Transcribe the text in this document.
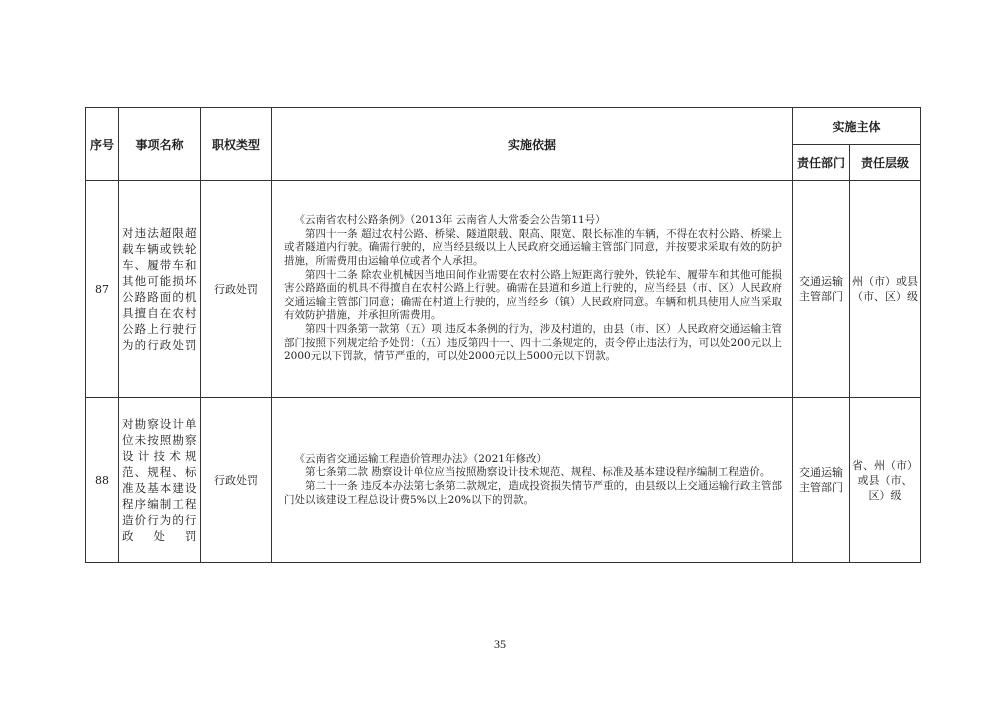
序号	事项名称	职权类型	实施依据	实施主体	
				责任部门	责任层级
87	对违法超限超载车辆或铁轮车、履带车和其他可能损坏公路路面的机具擅自在农村公路上行驶行为的行政处罚	行政处罚	《云南省农村公路条例》（2013年 云南省人大常委会公告第11号）

第四十一条 超过农村公路、桥梁、隧道限载、限高、限宽、限长标准的车辆，不得在农村公路、桥梁上或者隧道内行驶。确需行驶的，应当经县级以上人民政府交通运输主管部门同意，并按要求采取有效的防护措施，所需费用由运输单位或者个人承担。

第四十二条 除农业机械因当地田间作业需要在农村公路上短距离行驶外，铁轮车、履带车和其他可能损害公路路面的机具不得擅自在农村公路上行驶。确需在县道和乡道上行驶的，应当经县（市、区）人民政府交通运输主管部门同意；确需在村道上行驶的，应当经乡（镇）人民政府同意。车辆和机具使用人应当采取有效防护措施，并承担所需费用。

第四十四条第一款第（五）项 违反本条例的行为，涉及村道的，由县（市、区）人民政府交通运输主管部门按照下列规定给予处罚：（五）违反第四十一、四十二条规定的，责令停止违法行为，可以处200元以上2000元以下罚款，情节严重的，可以处2000元以上5000元以下罚款。	交通运输主管部门	州（市）或县（市、区）级
88	对勘察设计单位未按照勘察设计技术规范、规程、标准及基本建设程序编制工程造价行为的行政处罚	行政处罚	《云南省交通运输工程造价管理办法》（2021年修改）

第七条第二款 勘察设计单位应当按照勘察设计技术规范、规程、标准及基本建设程序编制工程造价。

第二十一条 违反本办法第七条第二款规定，造成投资损失情节严重的，由县级以上交通运输行政主管部门处以该建设工程总设计费5%以上20%以下的罚款。	交通运输主管部门	省、州（市）或县（市、区）级
35
